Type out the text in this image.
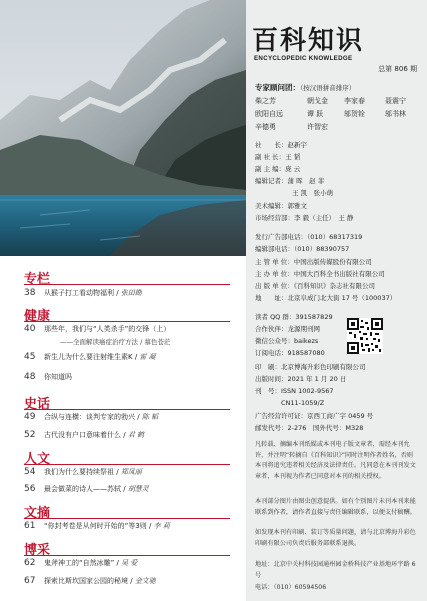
专栏
38	从猴子打工看动物福利 / 张田勘
健康
40	那些年，我们与“人类杀手”的交锋（上）
——全面解读癌症治疗方法 / 慕色苍茫
45	新生儿为什么要注射维生素K / 雷 凝
48	你知道吗
史话
49	合纵与连横：谈判专家的勃兴 / 陈 韬
52	古代没有户口意味着什么 / 君 鹤
人文
54	我们为什么要持续祭祖 / 郑凤丽
56	最会做菜的诗人——苏轼 / 胡慧灵
文摘
61	“你封考卷是从何时开始的”等3则 / 李 莉
博采
62	鬼斧神工的“自然冰雕” / 吴 爱
67	探索比斯坎国家公园的秘境 / 金文驰
百科知识
ENCYCLOPEDIC KNOWLEDGE
总第 806 期
专家顾问团：（按汉语拼音排序）
柴之芳	朝戈金 李家春	聂震宁
欧阳自远	谭 跃	邬贺铨	邬书林
辛德勇	许智宏
社　　长：赵新宇
副 社 长：王 韬
副 主 编：庞 云
编辑记者：蒲 晖　赵 菲
王 凯　张小萌
美术编辑：郭雅文
市场经营部：李 毅（主任）　王 静
发行广告部电话：（010）68317319
编辑部电话：（010）88390757
主 管 单 位：中国出版传媒股份有限公司
主 办 单 位：中国大百科全书出版社有限公司
出 版 单 位：《百科知识》杂志社有限公司
地　　址：北京阜成门北大街 17 号（100037）
读者 QQ 群：391587829
合作伙伴：龙源期刊网
微信公众号：baikezs
订阅电话：918587080
印　刷：北京博海升彩色印刷有限公司
出版时间：2021 年 1 月 20 日
刊　号：ISSN 1002-9567
　　　　CN11-1059/Z
广告经营许可证：京西工商广字 0459 号
邮发代号：2-276　国外代号：M328
凡转载、摘编本刊纸媒或本刊电子版文章者，需经本刊允许，并注明“转摘自《百科知识》”同时注明作者姓名，否则本刊将追究违者相关经济及法律责任。凡同意在本刊刊发文章者，本刊视为作者已同意对本刊的相关授权。
本刊部分图片由图虫创意提供。如有个别图片未刊本刊来能联系到作者，请作者直接与责任编辑联系，以便支付稿酬。
如发现本刊有印刷、装订等质量问题，请与北京博海升彩色印刷有限公司负责后服务部联系退换。
地址：北京中关村科技园通州园金桥科技产业基地环宇路 6 号
电话：（010）60594506
